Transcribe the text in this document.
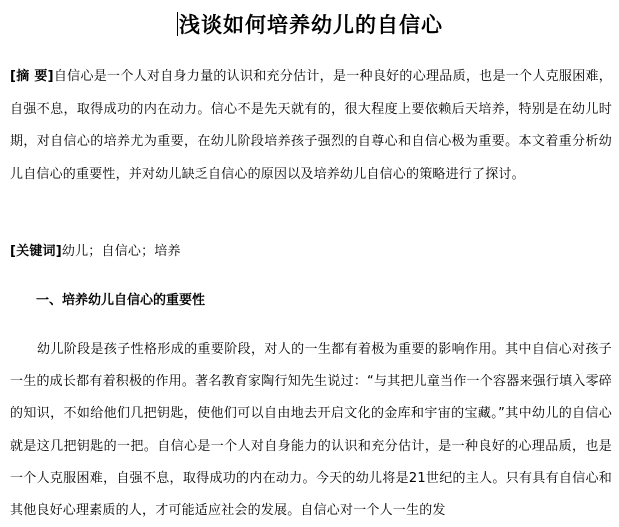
浅谈如何培养幼儿的自信心
[摘 要]自信心是一个人对自身力量的认识和充分估计，是一种良好的心理品质，也是一个人克服困难，自强不息，取得成功的内在动力。信心不是先天就有的，很大程度上要依赖后天培养，特别是在幼儿时期，对自信心的培养尤为重要，在幼儿阶段培养孩子强烈的自尊心和自信心极为重要。本文着重分析幼儿自信心的重要性，并对幼儿缺乏自信心的原因以及培养幼儿自信心的策略进行了探讨。
[关键词]幼儿；自信心；培养
一、培养幼儿自信心的重要性
幼儿阶段是孩子性格形成的重要阶段，对人的一生都有着极为重要的影响作用。其中自信心对孩子一生的成长都有着积极的作用。著名教育家陶行知先生说过：“与其把儿童当作一个容器来强行填入零碎的知识，不如给他们几把钥匙，使他们可以自由地去开启文化的金库和宇宙的宝藏。”其中幼儿的自信心就是这几把钥匙的一把。自信心是一个人对自身能力的认识和充分估计，是一种良好的心理品质，也是一个人克服困难，自强不息，取得成功的内在动力。今天的幼儿将是21世纪的主人。只有具有自信心和其他良好心理素质的人，才可能适应社会的发展。自信心对一个人一生的发
